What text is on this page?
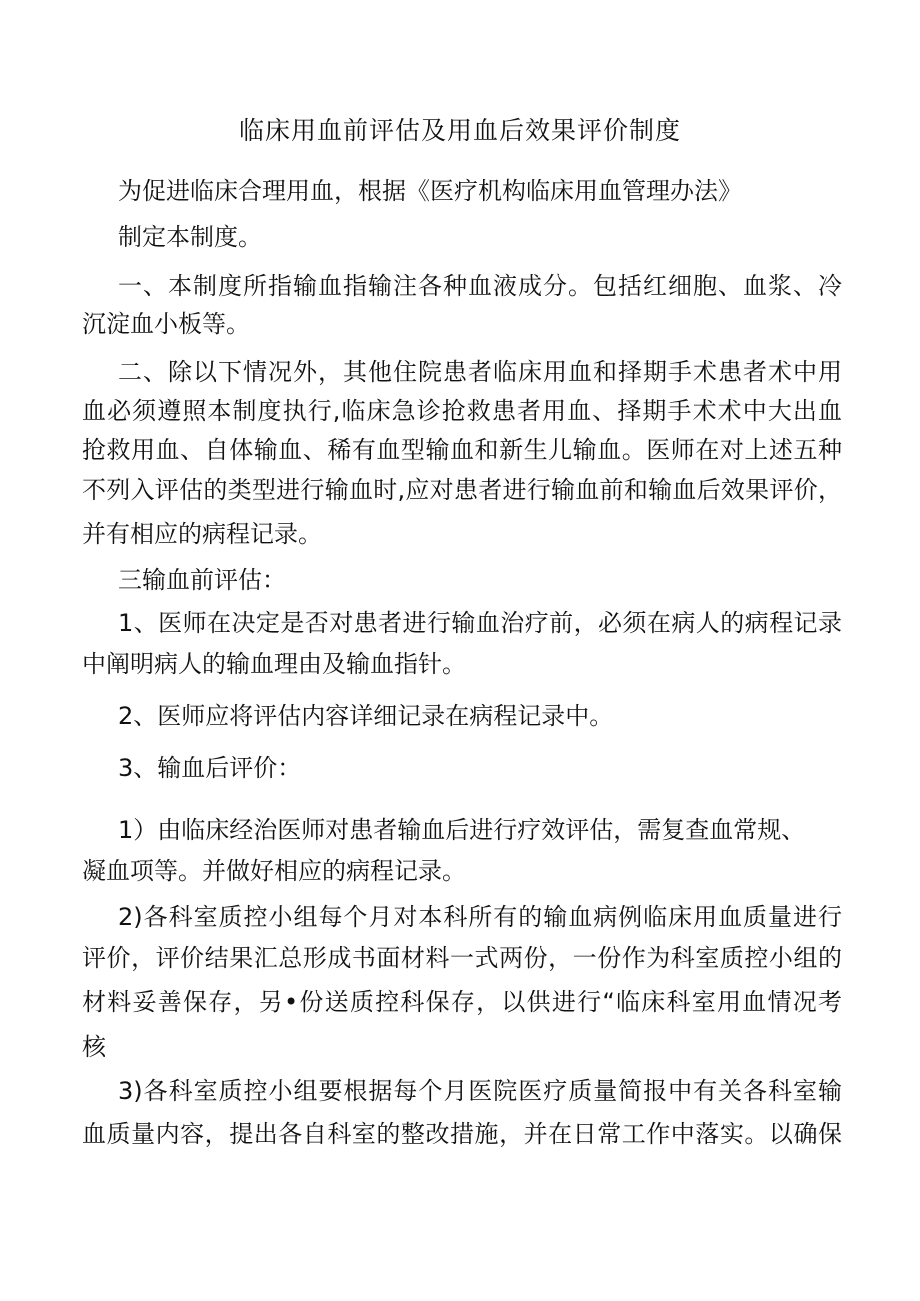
临床用血前评估及用血后效果评价制度
为促进临床合理用血，根据《医疗机构临床用血管理办法》
制定本制度。
一、本制度所指输血指输注各种血液成分。包括红细胞、血浆、冷
沉淀血小板等。
二、除以下情况外，其他住院患者临床用血和择期手术患者术中用
血必须遵照本制度执行,临床急诊抢救患者用血、择期手术术中大出血
抢救用血、自体输血、稀有血型输血和新生儿输血。医师在对上述五种
不列入评估的类型进行输血时,应对患者进行输血前和输血后效果评价，
并有相应的病程记录。
三输血前评估：
1、医师在决定是否对患者进行输血治疗前，必须在病人的病程记录
中阐明病人的输血理由及输血指针。
2、医师应将评估内容详细记录在病程记录中。
3、输血后评价：
1）由临床经治医师对患者输血后进行疗效评估，需复查血常规、
凝血项等。并做好相应的病程记录。
2)各科室质控小组每个月对本科所有的输血病例临床用血质量进行
评价，评价结果汇总形成书面材料一式两份，一份作为科室质控小组的
材料妥善保存，另•份送质控科保存，以供进行“临床科室用血情况考
核
3)各科室质控小组要根据每个月医院医疗质量简报中有关各科室输
血质量内容，提出各自科室的整改措施，并在日常工作中落实。以确保
